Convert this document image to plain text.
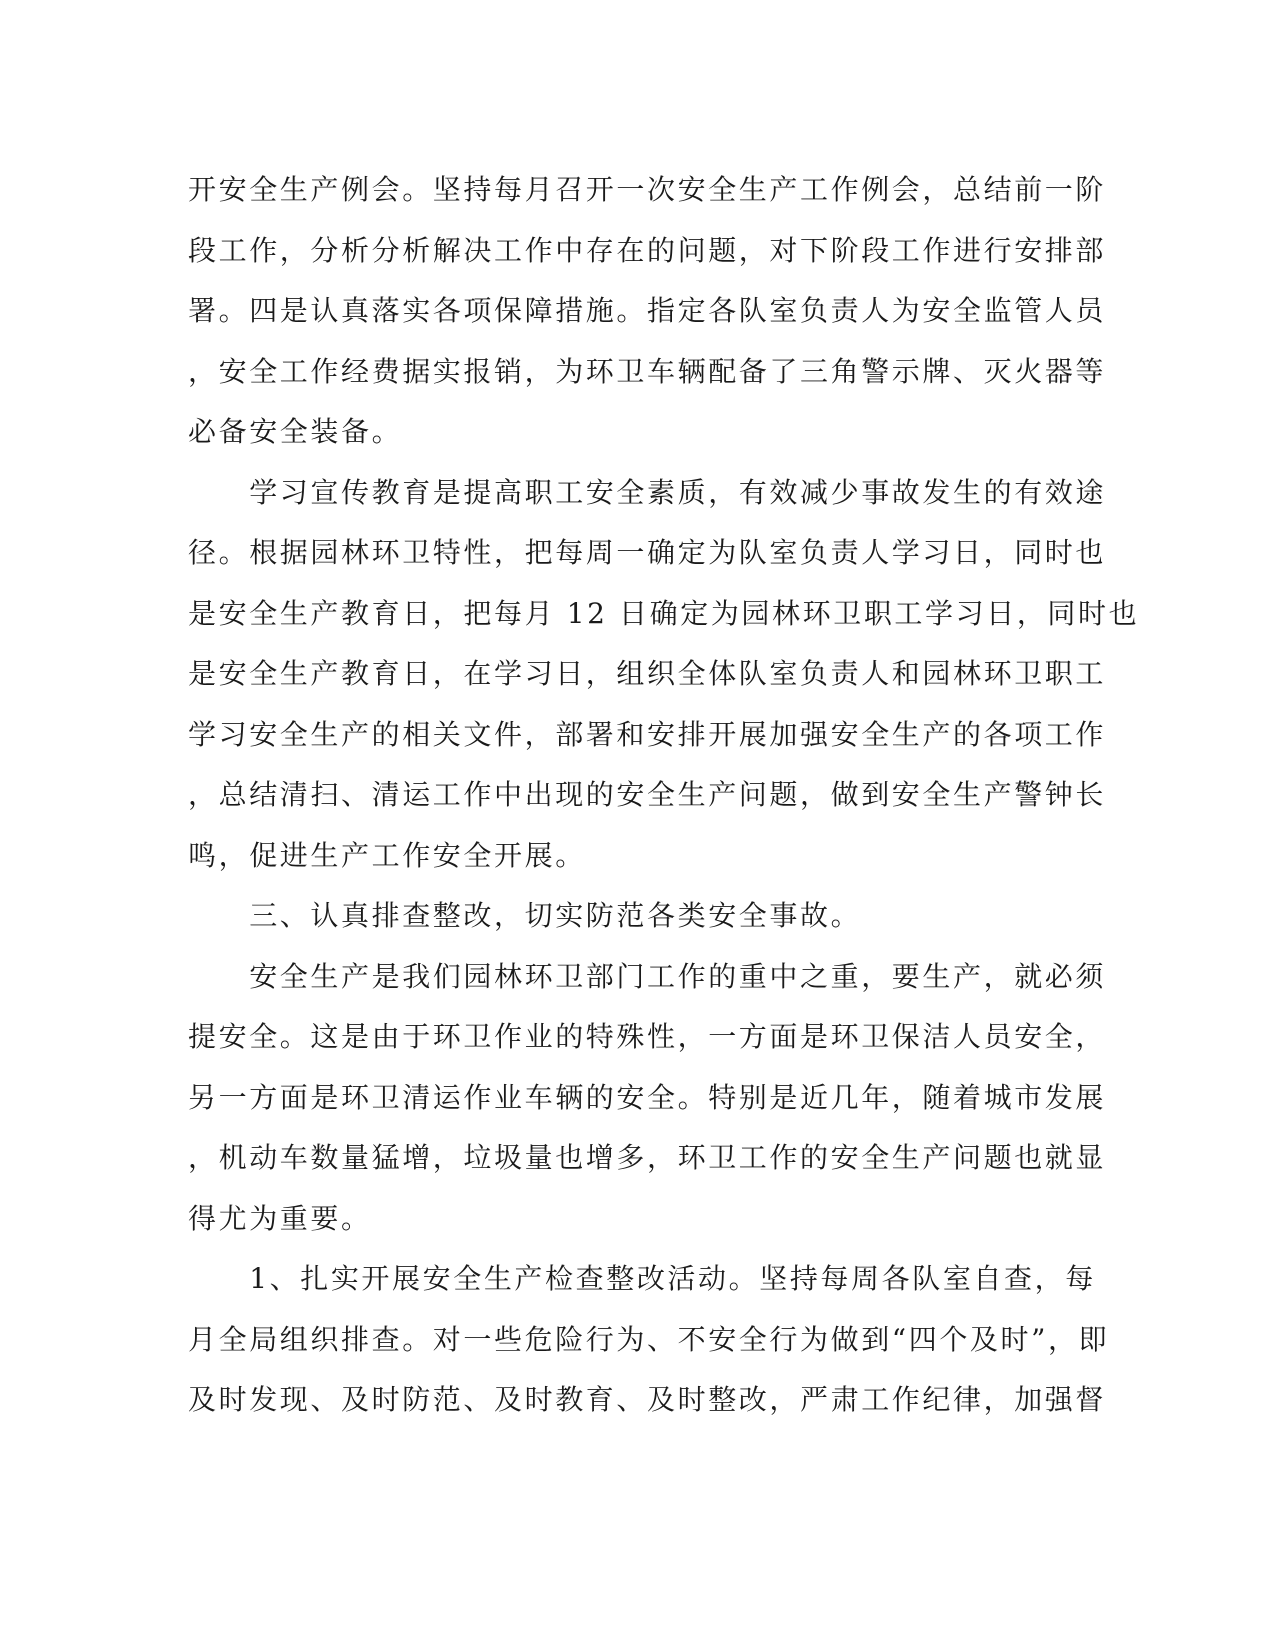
开安全生产例会。坚持每月召开一次安全生产工作例会，总结前一阶
段工作，分析分析解决工作中存在的问题，对下阶段工作进行安排部
署。四是认真落实各项保障措施。指定各队室负责人为安全监管人员
，安全工作经费据实报销，为环卫车辆配备了三角警示牌、灭火器等
必备安全装备。
　　学习宣传教育是提高职工安全素质，有效减少事故发生的有效途
径。根据园林环卫特性，把每周一确定为队室负责人学习日，同时也
是安全生产教育日，把每月 12 日确定为园林环卫职工学习日，同时也
是安全生产教育日，在学习日，组织全体队室负责人和园林环卫职工
学习安全生产的相关文件，部署和安排开展加强安全生产的各项工作
，总结清扫、清运工作中出现的安全生产问题，做到安全生产警钟长
鸣，促进生产工作安全开展。
　　三、认真排查整改，切实防范各类安全事故。
　　安全生产是我们园林环卫部门工作的重中之重，要生产，就必须
提安全。这是由于环卫作业的特殊性，一方面是环卫保洁人员安全，
另一方面是环卫清运作业车辆的安全。特别是近几年，随着城市发展
，机动车数量猛增，垃圾量也增多，环卫工作的安全生产问题也就显
得尤为重要。
　　1、扎实开展安全生产检查整改活动。坚持每周各队室自查，每
月全局组织排查。对一些危险行为、不安全行为做到“四个及时”，即
及时发现、及时防范、及时教育、及时整改，严肃工作纪律，加强督
